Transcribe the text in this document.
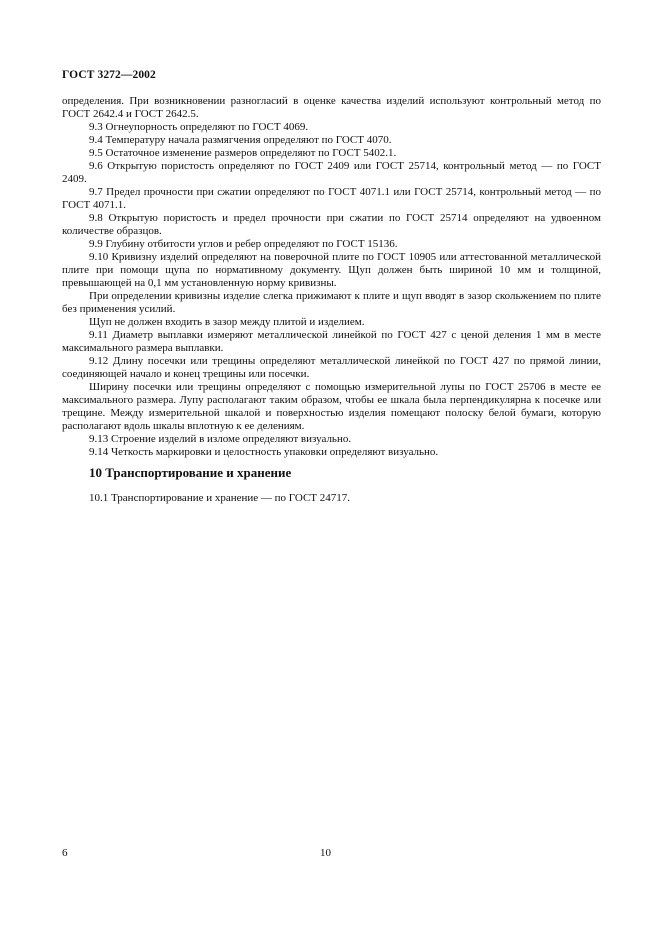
ГОСТ 3272—2002

определения. При возникновении разногласий в оценке качества изделий используют контрольный метод по ГОСТ 2642.4 и ГОСТ 2642.5.

9.3 Огнеупорность определяют по ГОСТ 4069.

9.4 Температуру начала размягчения определяют по ГОСТ 4070.

9.5 Остаточное изменение размеров определяют по ГОСТ 5402.1.

9.6 Открытую пористость определяют по ГОСТ 2409 или ГОСТ 25714, контрольный метод — по ГОСТ 2409.

9.7 Предел прочности при сжатии определяют по ГОСТ 4071.1 или ГОСТ 25714, контрольный метод — по ГОСТ 4071.1.

9.8 Открытую пористость и предел прочности при сжатии по ГОСТ 25714 определяют на удвоенном количестве образцов.

9.9 Глубину отбитости углов и ребер определяют по ГОСТ 15136.

9.10 Кривизну изделий определяют на поверочной плите по ГОСТ 10905 или аттестованной металлической плите при помощи щупа по нормативному документу. Щуп должен быть шириной 10 мм и толщиной, превышающей на 0,1 мм установленную норму кривизны.

При определении кривизны изделие слегка прижимают к плите и щуп вводят в зазор скольжением по плите без применения усилий.

Щуп не должен входить в зазор между плитой и изделием.

9.11 Диаметр выплавки измеряют металлической линейкой по ГОСТ 427 с ценой деления 1 мм в месте максимального размера выплавки.

9.12 Длину посечки или трещины определяют металлической линейкой по ГОСТ 427 по прямой линии, соединяющей начало и конец трещины или посечки.

Ширину посечки или трещины определяют с помощью измерительной лупы по ГОСТ 25706 в месте ее максимального размера. Лупу располагают таким образом, чтобы ее шкала была перпендикулярна к посечке или трещине. Между измерительной шкалой и поверхностью изделия помещают полоску белой бумаги, которую располагают вдоль шкалы вплотную к ее делениям.

9.13 Строение изделий в изломе определяют визуально.

9.14 Четкость маркировки и целостность упаковки определяют визуально.

10 Транспортирование и хранение
10.1 Транспортирование и хранение — по ГОСТ 24717.
6	10
